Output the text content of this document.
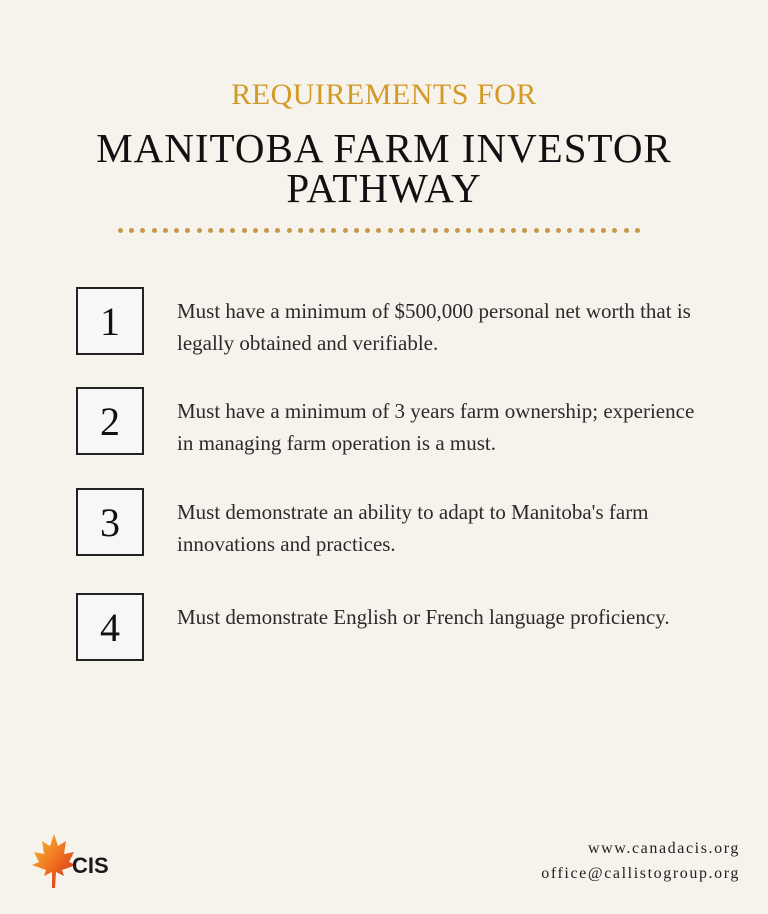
REQUIREMENTS FOR
MANITOBA FARM INVESTOR
PATHWAY
1	Must have a minimum of $500,000 personal net worth that is legally obtained and verifiable.
2	Must have a minimum of 3 years farm ownership; experience in managing farm operation is a must.
3	Must demonstrate an ability to adapt to Manitoba's farm innovations and practices.
4	Must demonstrate English or French language proficiency.
CIS
www.canadacis.org
office@callistogroup.org
